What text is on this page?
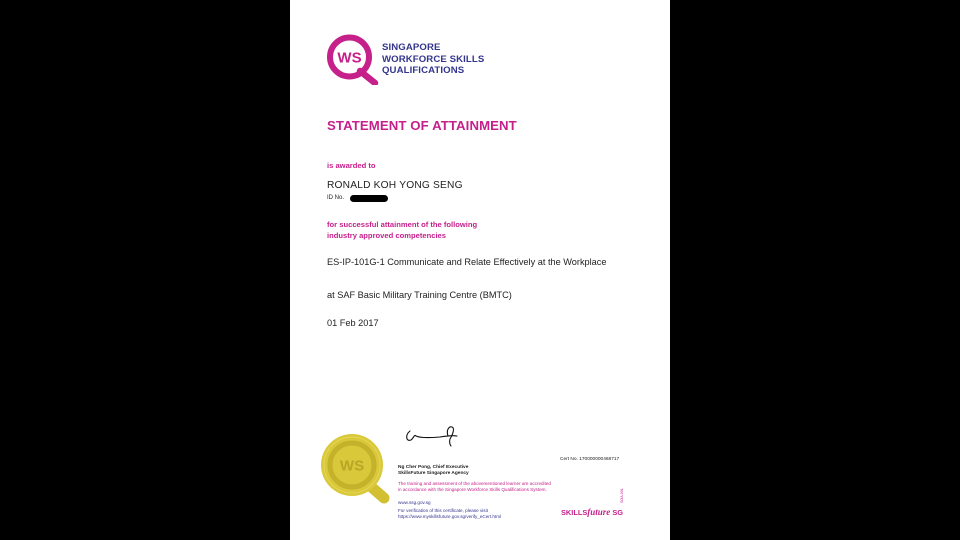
WS
SINGAPORE
WORKFORCE SKILLS
QUALIFICATIONS
STATEMENT OF ATTAINMENT
is awarded to
RONALD KOH YONG SENG
ID No.
for successful attainment of the following
industry approved competencies
ES-IP-101G-1 Communicate and Relate Effectively at the Workplace
at SAF Basic Military Training Centre (BMTC)
01 Feb 2017
WS	Ng Cher Pong, Chief Executive
SkillsFuture Singapore Agency
The training and assessment of the abovementioned learner are accredited
in accordance with the Singapore Workforce Skills Qualifications System.
www.ssg.gov.sg
For verification of this certificate, please visit
https://www.myskillsfuture.gov.sg/verify_eCert.html
Cert No. 170000000468717
SKILLSfuture SG
SOA-001
